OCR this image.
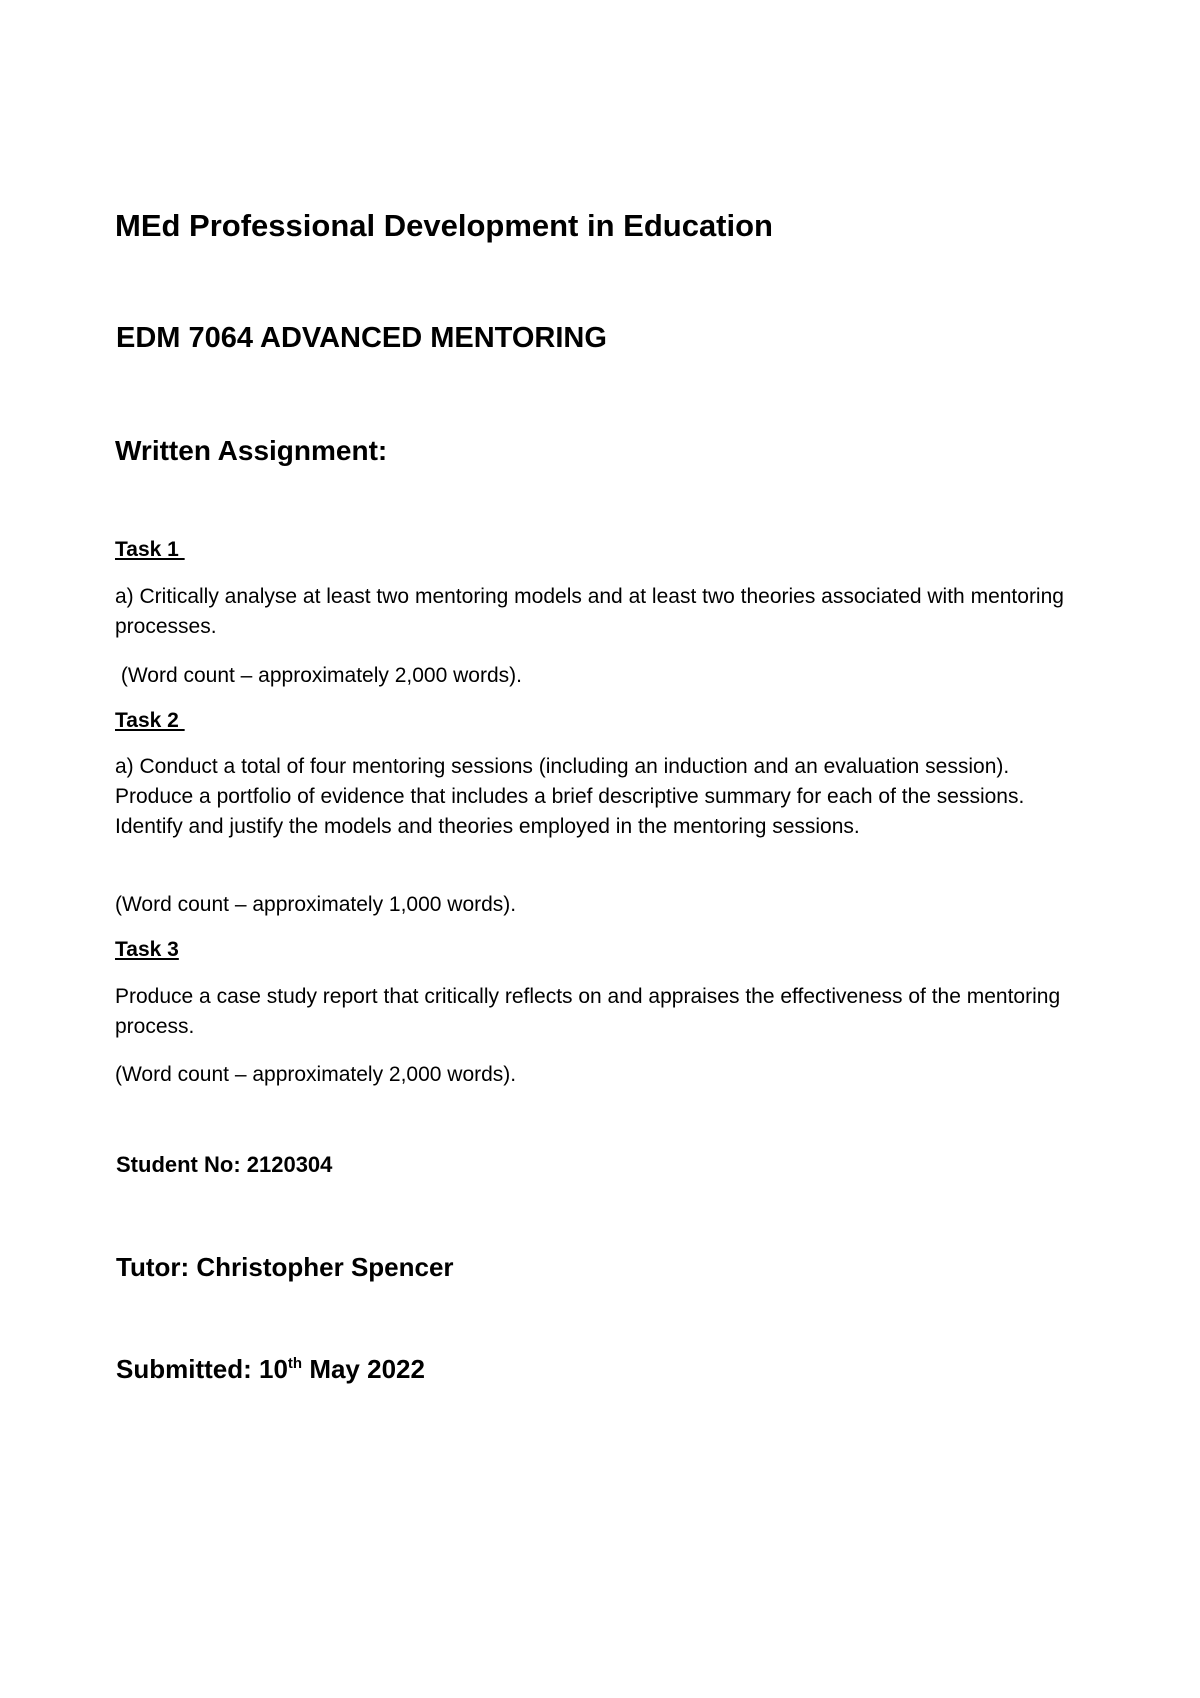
MEd Professional Development in Education
EDM 7064 ADVANCED MENTORING
Written Assignment:
Task 1

a) Critically analyse at least two mentoring models and at least two theories associated with mentoring processes.

(Word count – approximately 2,000 words).
Task 2

a) Conduct a total of four mentoring sessions (including an induction and an evaluation session). Produce a portfolio of evidence that includes a brief descriptive summary for each of the sessions. Identify and justify the models and theories employed in the mentoring sessions.

(Word count – approximately 1,000 words).
Task 3

Produce a case study report that critically reflects on and appraises the effectiveness of the mentoring process.

(Word count – approximately 2,000 words).
Student No: 2120304
Tutor: Christopher Spencer
Submitted: 10th May 2022
